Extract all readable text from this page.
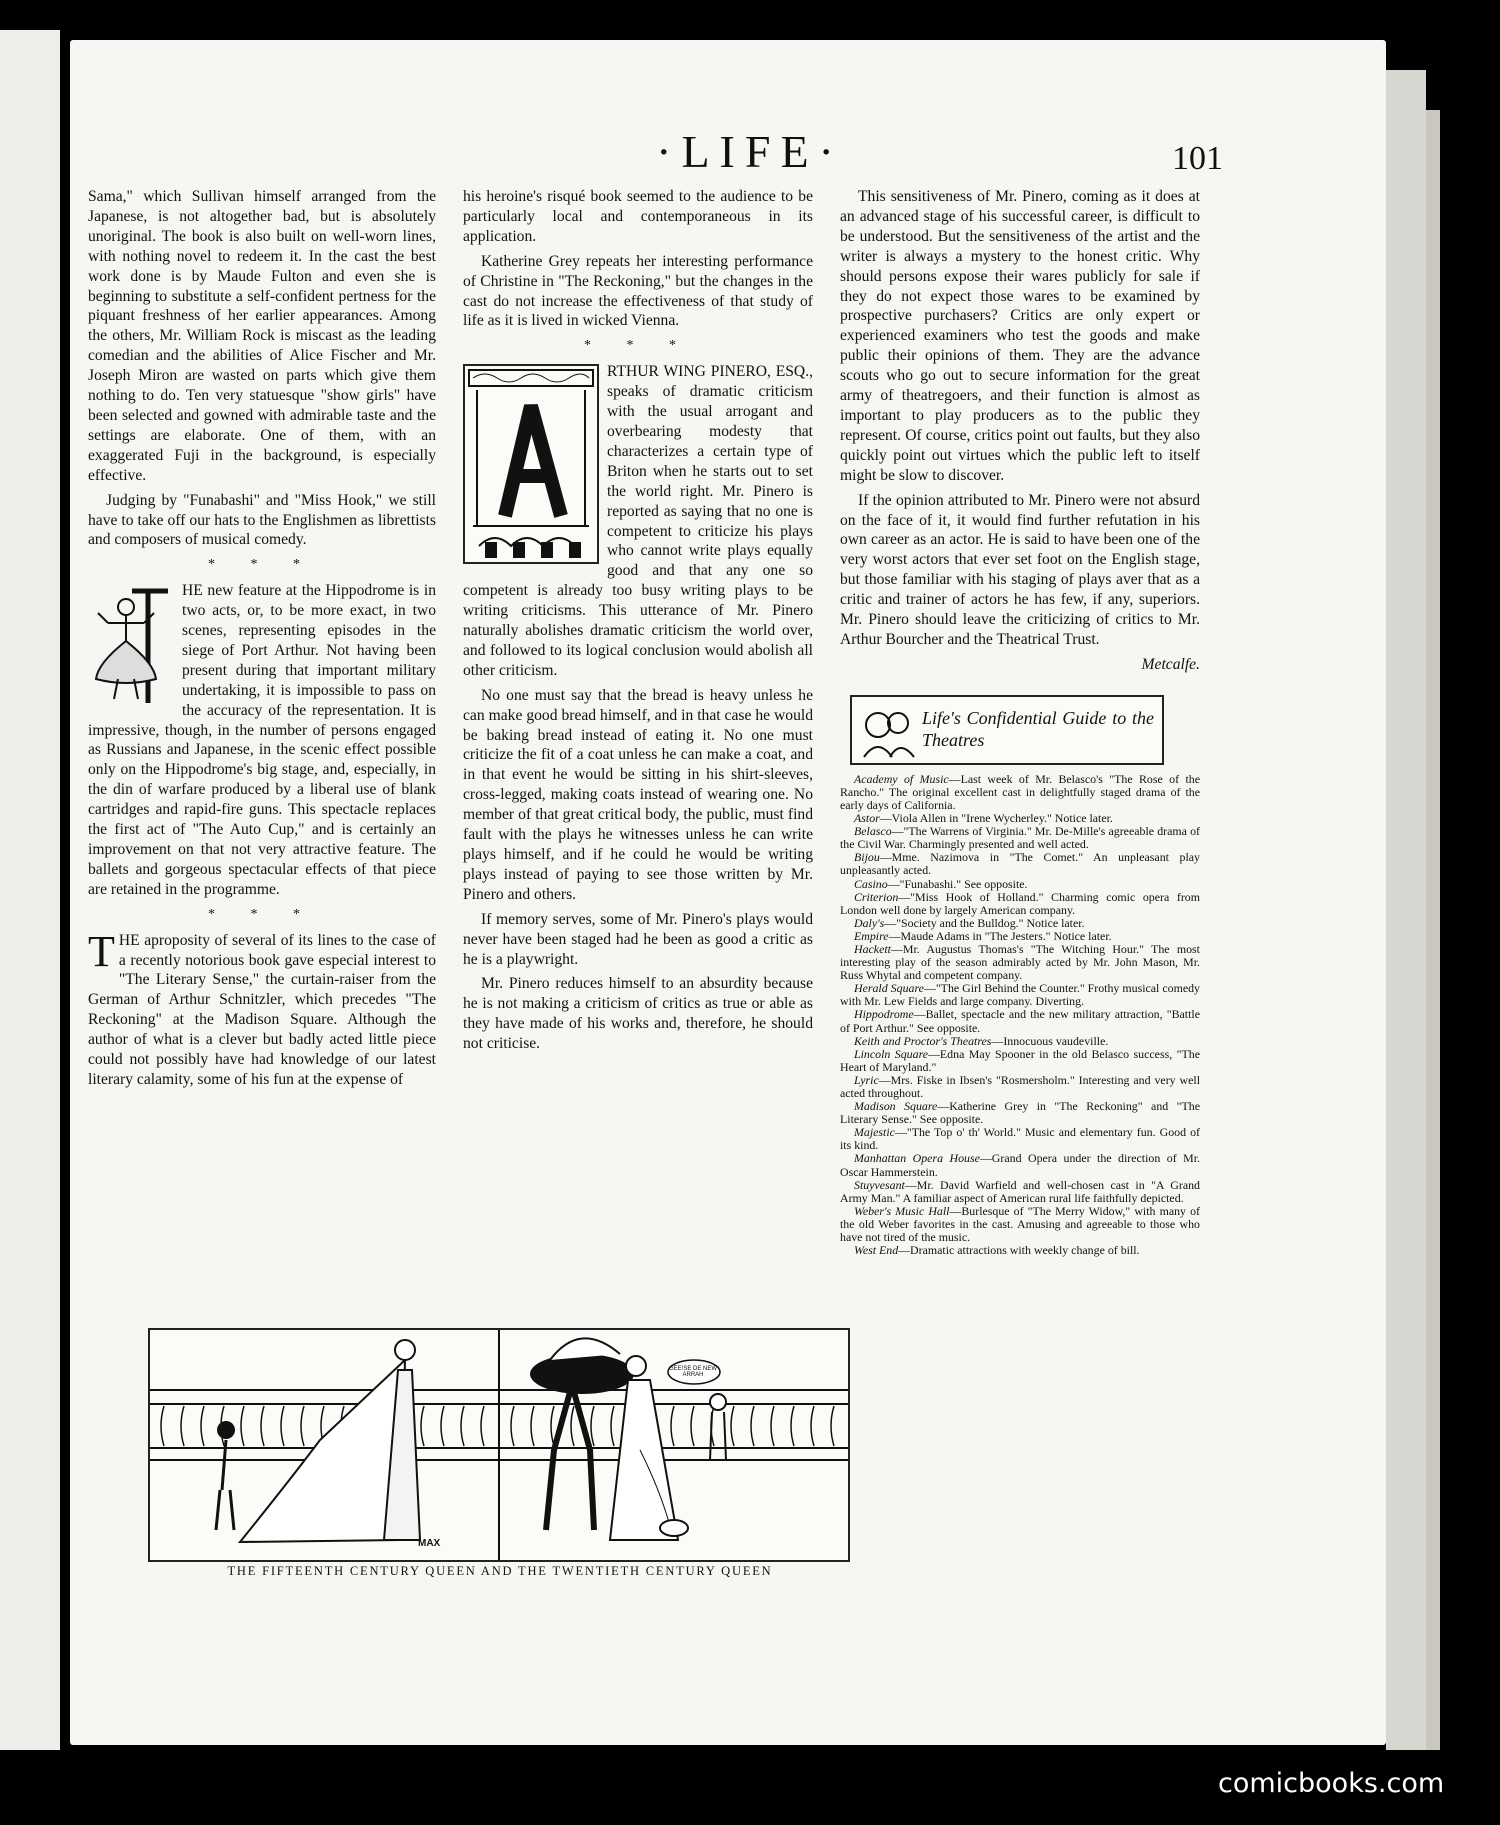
·LIFE·	101

Sama," which Sullivan himself arranged from the Japanese, is not altogether bad, but is absolutely unoriginal. The book is also built on well-worn lines, with nothing novel to redeem it. In the cast the best work done is by Maude Fulton and even she is beginning to substitute a self-confident pertness for the piquant freshness of her earlier appearances. Among the others, Mr. William Rock is miscast as the leading comedian and the abilities of Alice Fischer and Mr. Joseph Miron are wasted on parts which give them nothing to do. Ten very statuesque "show girls" have been selected and gowned with admirable taste and the settings are elaborate. One of them, with an exaggerated Fuji in the background, is especially effective.

Judging by "Funabashi" and "Miss Hook," we still have to take off our hats to the Englishmen as librettists and composers of musical comedy.

* * *

HE new feature at the Hippodrome is in two acts, or, to be more exact, in two scenes, representing episodes in the siege of Port Arthur. Not having been present during that important military undertaking, it is impossible to pass on the accuracy of the representation. It is impressive, though, in the number of persons engaged as Russians and Japanese, in the scenic effect possible only on the Hippodrome's big stage, and, especially, in the din of warfare produced by a liberal use of blank cartridges and rapid-fire guns. This spectacle replaces the first act of "The Auto Cup," and is certainly an improvement on that not very attractive feature. The ballets and gorgeous spectacular effects of that piece are retained in the programme.

* * *

THE apropositу of several of its lines to the case of a recently notorious book gave especial interest to "The Literary Sense," the curtain-raiser from the German of Arthur Schnitzler, which precedes "The Reckoning" at the Madison Square. Although the author of what is a clever but badly acted little piece could not possibly have had knowledge of our latest literary calamity, some of his fun at the expense of

his heroine's risqué book seemed to the audience to be particularly local and contemporaneous in its application.

Katherine Grey repeats her interesting performance of Christine in "The Reckoning," but the changes in the cast do not increase the effectiveness of that study of life as it is lived in wicked Vienna.

* * *

RTHUR WING PINERO, ESQ., speaks of dramatic criticism with the usual arrogant and overbearing modesty that characterizes a certain type of Briton when he starts out to set the world right. Mr. Pinero is reported as saying that no one is competent to criticize his plays who cannot write plays equally good and that any one so competent is already too busy writing plays to be writing criticisms. This utterance of Mr. Pinero naturally abolishes dramatic criticism the world over, and followed to its logical conclusion would abolish all other criticism.

No one must say that the bread is heavy unless he can make good bread himself, and in that case he would be baking bread instead of eating it. No one must criticize the fit of a coat unless he can make a coat, and in that event he would be sitting in his shirt-sleeves, cross-legged, making coats instead of wearing one. No member of that great critical body, the public, must find fault with the plays he witnesses unless he can write plays himself, and if he could he would be writing plays instead of paying to see those written by Mr. Pinero and others.

If memory serves, some of Mr. Pinero's plays would never have been staged had he been as good a critic as he is a playwright.

Mr. Pinero reduces himself to an absurdity because he is not making a criticism of critics as true or able as they have made of his works and, therefore, he should not criticise.

This sensitiveness of Mr. Pinero, coming as it does at an advanced stage of his successful career, is difficult to be understood. But the sensitiveness of the artist and the writer is always a mystery to the honest critic. Why should persons expose their wares publicly for sale if they do not expect those wares to be examined by prospective purchasers? Critics are only expert or experienced examiners who test the goods and make public their opinions of them. They are the advance scouts who go out to secure information for the great army of theatregoers, and their function is almost as important to play producers as to the public they represent. Of course, critics point out faults, but they also quickly point out virtues which the public left to itself might be slow to discover.

If the opinion attributed to Mr. Pinero were not absurd on the face of it, it would find further refutation in his own career as an actor. He is said to have been one of the very worst actors that ever set foot on the English stage, but those familiar with his staging of plays aver that as a critic and trainer of actors he has few, if any, superiors. Mr. Pinero should leave the criticizing of critics to Mr. Arthur Bourcher and the Theatrical Trust.

Metcalfe.
Life's Confidential Guide to the Theatres
Academy of Music—Last week of Mr. Belasco's "The Rose of the Rancho." The original excellent cast in delightfully staged drama of the early days of California.
Astor—Viola Allen in "Irene Wycherley." Notice later.
Belasco—"The Warrens of Virginia." Mr. De-Mille's agreeable drama of the Civil War. Charmingly presented and well acted.
Bijou—Mme. Nazimova in "The Comet." An unpleasant play unpleasantly acted.
Casino—"Funabashi." See opposite.
Criterion—"Miss Hook of Holland." Charming comic opera from London well done by largely American company.
Daly's—"Society and the Bulldog." Notice later.
Empire—Maude Adams in "The Jesters." Notice later.
Hackett—Mr. Augustus Thomas's "The Witching Hour." The most interesting play of the season admirably acted by Mr. John Mason, Mr. Russ Whytal and competent company.
Herald Square—"The Girl Behind the Counter." Frothy musical comedy with Mr. Lew Fields and large company. Diverting.
Hippodrome—Ballet, spectacle and the new military attraction, "Battle of Port Arthur." See opposite.
Keith and Proctor's Theatres—Innocuous vaudeville.
Lincoln Square—Edna May Spooner in the old Belasco success, "The Heart of Maryland."
Lyric—Mrs. Fiske in Ibsen's "Rosmersholm." Interesting and very well acted throughout.
Madison Square—Katherine Grey in "The Reckoning" and "The Literary Sense." See opposite.
Majestic—"The Top o' th' World." Music and elementary fun. Good of its kind.
Manhattan Opera House—Grand Opera under the direction of Mr. Oscar Hammerstein.
Stuyvesant—Mr. David Warfield and well-chosen cast in "A Grand Army Man." A familiar aspect of American rural life faithfully depicted.
Weber's Music Hall—Burlesque of "The Merry Widow," with many of the old Weber favorites in the cast. Amusing and agreeable to those who have not tired of the music.
West End—Dramatic attractions with weekly change of bill.
GEE!SE DE NEW ARRAH
MAX
THE FIFTEENTH CENTURY QUEEN AND THE TWENTIETH CENTURY QUEEN
comicbooks.com
